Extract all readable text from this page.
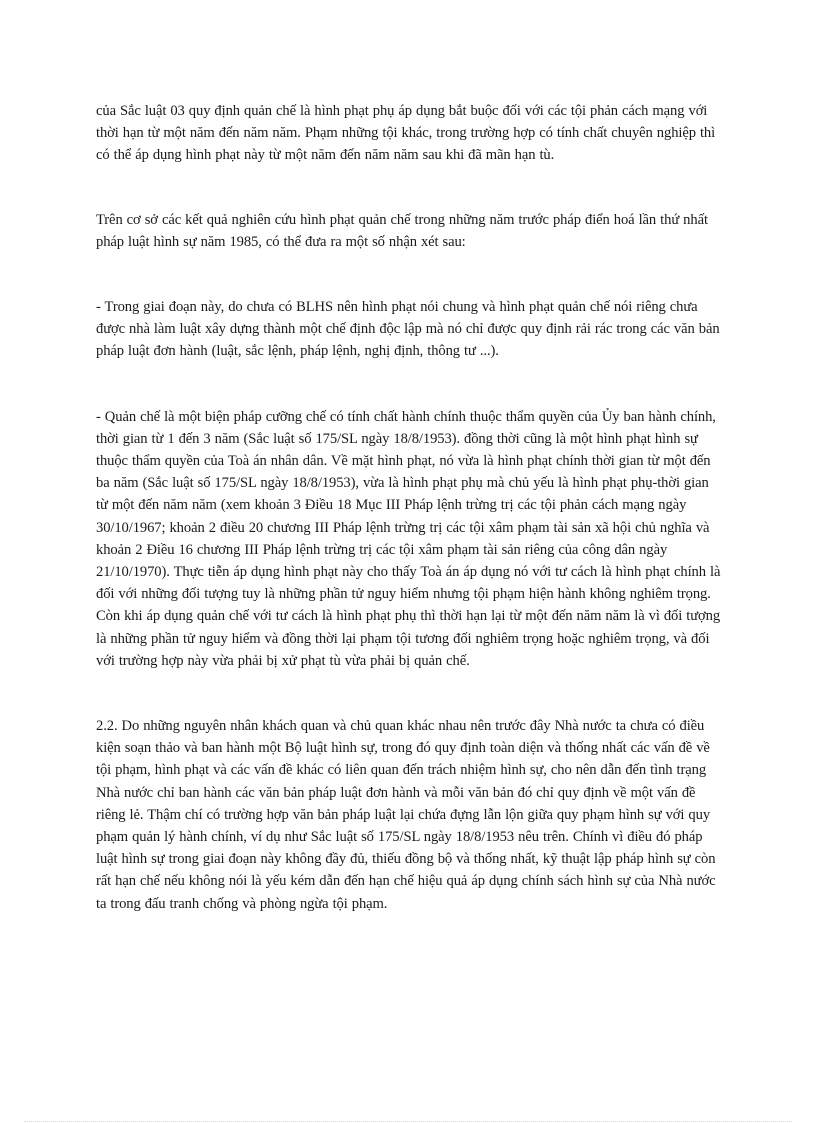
của Sắc luật 03 quy định quản chế là hình phạt phụ áp dụng bắt buộc đối với các tội phản cách mạng với thời hạn từ một năm đến năm năm. Phạm những tội khác, trong trường hợp có tính chất chuyên nghiệp thì có thể áp dụng hình phạt này từ một năm đến năm năm sau khi đã mãn hạn tù.

Trên cơ sở các kết quả nghiên cứu hình phạt quản chế trong những năm trước pháp điển hoá lần thứ nhất pháp luật hình sự năm 1985, có thể đưa ra một số nhận xét sau:

- Trong giai đoạn này, do chưa có BLHS nên hình phạt nói chung và hình phạt quản chế nói riêng chưa được nhà làm luật xây dựng thành một chế định độc lập mà nó chỉ được quy định rải rác trong các văn bản pháp luật đơn hành (luật, sắc lệnh, pháp lệnh, nghị định, thông tư ...).

- Quản chế là một biện pháp cưỡng chế có tính chất hành chính thuộc thẩm quyền của Ủy ban hành chính, thời gian từ 1 đến 3 năm (Sắc luật số 175/SL ngày 18/8/1953). đồng thời cũng là một hình phạt hình sự thuộc thẩm quyền của Toà án nhân dân. Về mặt hình phạt, nó vừa là hình phạt chính thời gian từ một đến ba năm (Sắc luật số 175/SL ngày 18/8/1953), vừa là hình phạt phụ mà chủ yếu là hình phạt phụ-thời gian từ một đến năm năm (xem khoản 3 Điều 18 Mục III Pháp lệnh trừng trị các tội phản cách mạng ngày 30/10/1967; khoản 2 điều 20 chương III Pháp lệnh trừng trị các tội xâm phạm tài sản xã hội chủ nghĩa và khoản 2 Điều 16 chương III Pháp lệnh trừng trị các tội xâm phạm tài sản riêng của công dân ngày 21/10/1970). Thực tiễn áp dụng hình phạt này cho thấy Toà án áp dụng nó với tư cách là hình phạt chính là đối với những đối tượng tuy là những phần tử nguy hiểm nhưng tội phạm hiện hành không nghiêm trọng. Còn khi áp dụng quản chế với tư cách là hình phạt phụ thì thời hạn lại từ một đến năm năm là vì đối tượng là những phần tử nguy hiểm và đồng thời lại phạm tội tương đối nghiêm trọng hoặc nghiêm trọng, và đối với trường hợp này vừa phải bị xử phạt tù vừa phải bị quản chế.

2.2. Do những nguyên nhân khách quan và chủ quan khác nhau nên trước đây Nhà nước ta chưa có điều kiện soạn thảo và ban hành một Bộ luật hình sự, trong đó quy định toàn diện và thống nhất các vấn đề về tội phạm, hình phạt và các vấn đề khác có liên quan đến trách nhiệm hình sự, cho nên dẫn đến tình trạng Nhà nước chỉ ban hành các văn bản pháp luật đơn hành và mỗi văn bản đó chỉ quy định về một vấn đề riêng lẻ. Thậm chí có trường hợp văn bản pháp luật lại chứa đựng lẫn lộn giữa quy phạm hình sự với quy phạm quản lý hành chính, ví dụ như Sắc luật số 175/SL ngày 18/8/1953 nêu trên. Chính vì điều đó pháp luật hình sự trong giai đoạn này không đầy đủ, thiếu đồng bộ và thống nhất, kỹ thuật lập pháp hình sự còn rất hạn chế nếu không nói là yếu kém dẫn đến hạn chế hiệu quả áp dụng chính sách hình sự của Nhà nước ta trong đấu tranh chống và phòng ngừa tội phạm.
